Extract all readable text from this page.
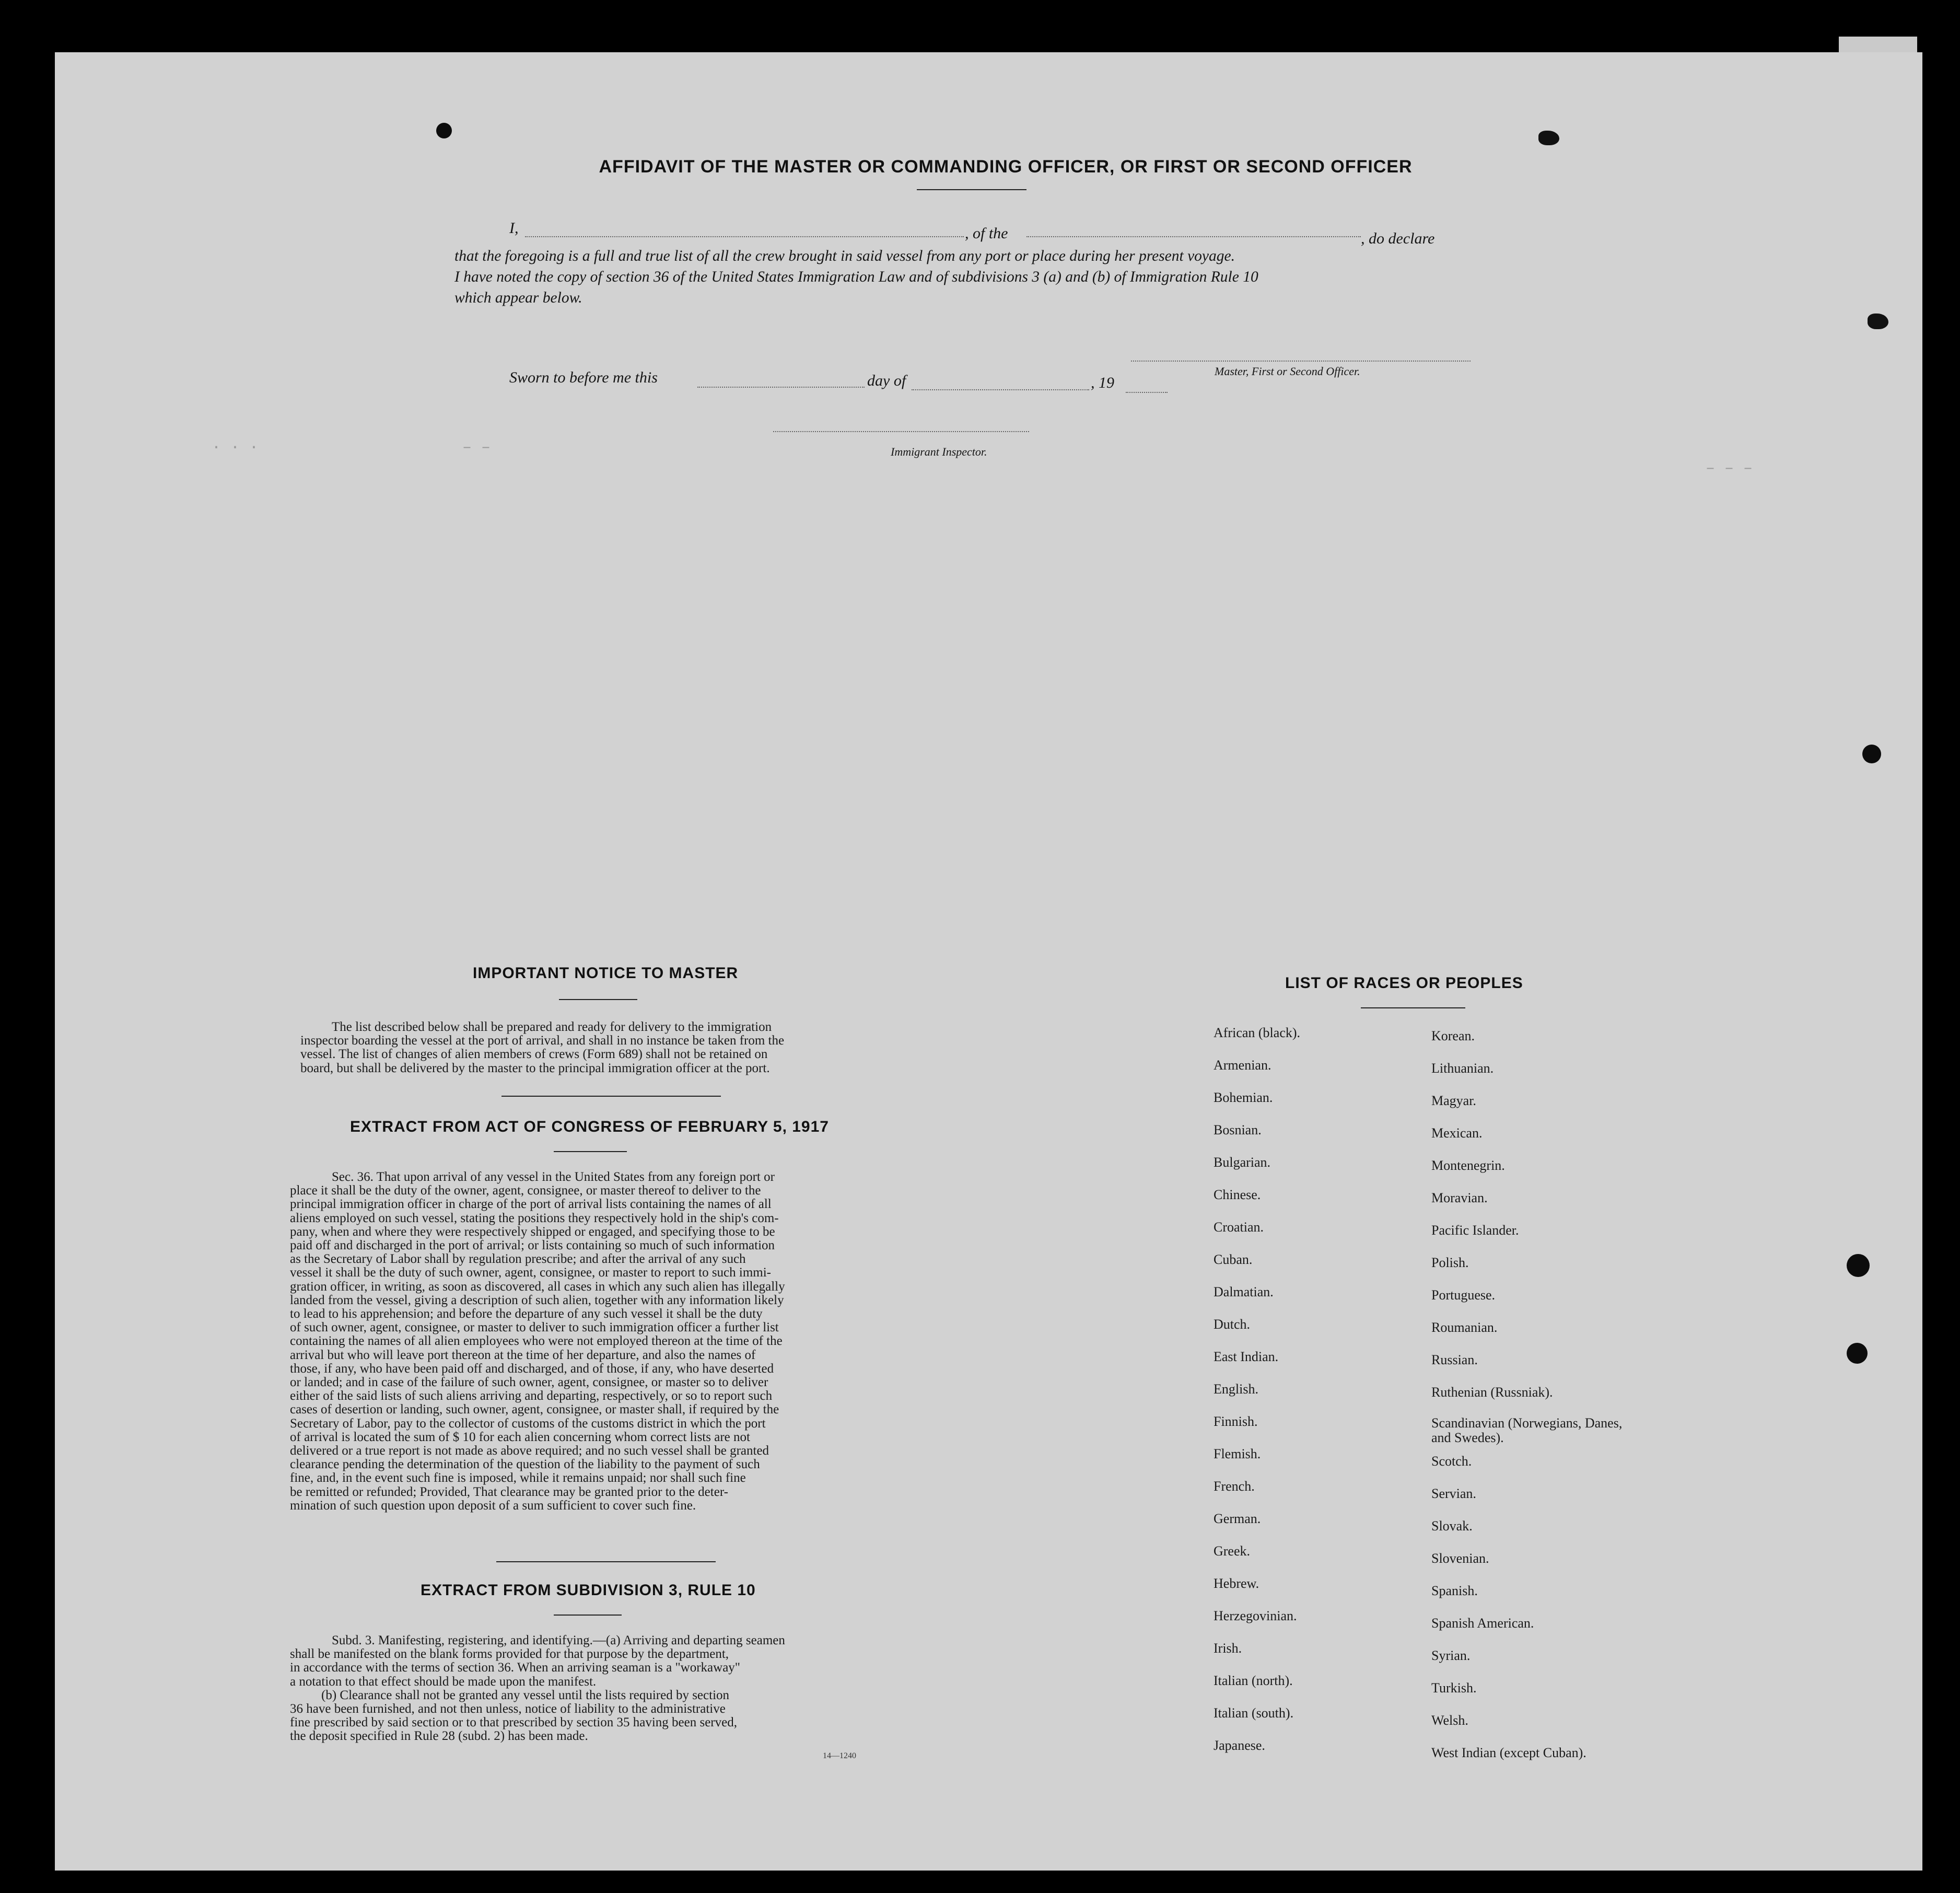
· · ·	– –
– – –
AFFIDAVIT OF THE MASTER OR COMMANDING OFFICER, OR FIRST OR SECOND OFFICER
I,	, of the	, do declare
that the foregoing is a full and true list of all the crew brought in said vessel from any port or place during her present voyage.
I have noted the copy of section 36 of the United States Immigration Law and of subdivisions 3 (a) and (b) of Immigration Rule 10
which appear below.
Master, First or Second Officer.
Sworn to before me this	day of	, 19
Immigrant Inspector.
IMPORTANT NOTICE TO MASTER
The list described below shall be prepared and ready for delivery to the immigration
inspector boarding the vessel at the port of arrival, and shall in no instance be taken from the
vessel. The list of changes of alien members of crews (Form 689) shall not be retained on
board, but shall be delivered by the master to the principal immigration officer at the port.
EXTRACT FROM ACT OF CONGRESS OF FEBRUARY 5, 1917
Sec. 36. That upon arrival of any vessel in the United States from any foreign port or
place it shall be the duty of the owner, agent, consignee, or master thereof to deliver to the
principal immigration officer in charge of the port of arrival lists containing the names of all
aliens employed on such vessel, stating the positions they respectively hold in the ship's com-
pany, when and where they were respectively shipped or engaged, and specifying those to be
paid off and discharged in the port of arrival; or lists containing so much of such information
as the Secretary of Labor shall by regulation prescribe; and after the arrival of any such
vessel it shall be the duty of such owner, agent, consignee, or master to report to such immi-
gration officer, in writing, as soon as discovered, all cases in which any such alien has illegally
landed from the vessel, giving a description of such alien, together with any information likely
to lead to his apprehension; and before the departure of any such vessel it shall be the duty
of such owner, agent, consignee, or master to deliver to such immigration officer a further list
containing the names of all alien employees who were not employed thereon at the time of the
arrival but who will leave port thereon at the time of her departure, and also the names of
those, if any, who have been paid off and discharged, and of those, if any, who have deserted
or landed; and in case of the failure of such owner, agent, consignee, or master so to deliver
either of the said lists of such aliens arriving and departing, respectively, or so to report such
cases of desertion or landing, such owner, agent, consignee, or master shall, if required by the
Secretary of Labor, pay to the collector of customs of the customs district in which the port
of arrival is located the sum of $ 10 for each alien concerning whom correct lists are not
delivered or a true report is not made as above required; and no such vessel shall be granted
clearance pending the determination of the question of the liability to the payment of such
fine, and, in the event such fine is imposed, while it remains unpaid; nor shall such fine
be remitted or refunded; Provided, That clearance may be granted prior to the deter-
mination of such question upon deposit of a sum sufficient to cover such fine.
EXTRACT FROM SUBDIVISION 3, RULE 10
Subd. 3. Manifesting, registering, and identifying.—(a) Arriving and departing seamen
shall be manifested on the blank forms provided for that purpose by the department,
in accordance with the terms of section 36. When an arriving seaman is a "workaway"
a notation to that effect should be made upon the manifest.
(b) Clearance shall not be granted any vessel until the lists required by section
36 have been furnished, and not then unless, notice of liability to the administrative
fine prescribed by said section or to that prescribed by section 35 having been served,
the deposit specified in Rule 28 (subd. 2) has been made.
14—1240
LIST OF RACES OR PEOPLES
African (black).
Armenian.
Bohemian.
Bosnian.
Bulgarian.
Chinese.
Croatian.
Cuban.
Dalmatian.
Dutch.
East Indian.
English.
Finnish.
Flemish.
French.
German.
Greek.
Hebrew.
Herzegovinian.
Irish.
Italian (north).
Italian (south).
Japanese.
Korean.
Lithuanian.
Magyar.
Mexican.
Montenegrin.
Moravian.
Pacific Islander.
Polish.
Portuguese.
Roumanian.
Russian.
Ruthenian (Russniak).
Scandinavian (Norwegians, Danes, and Swedes).
Scotch.
Servian.
Slovak.
Slovenian.
Spanish.
Spanish American.
Syrian.
Turkish.
Welsh.
West Indian (except Cuban).
